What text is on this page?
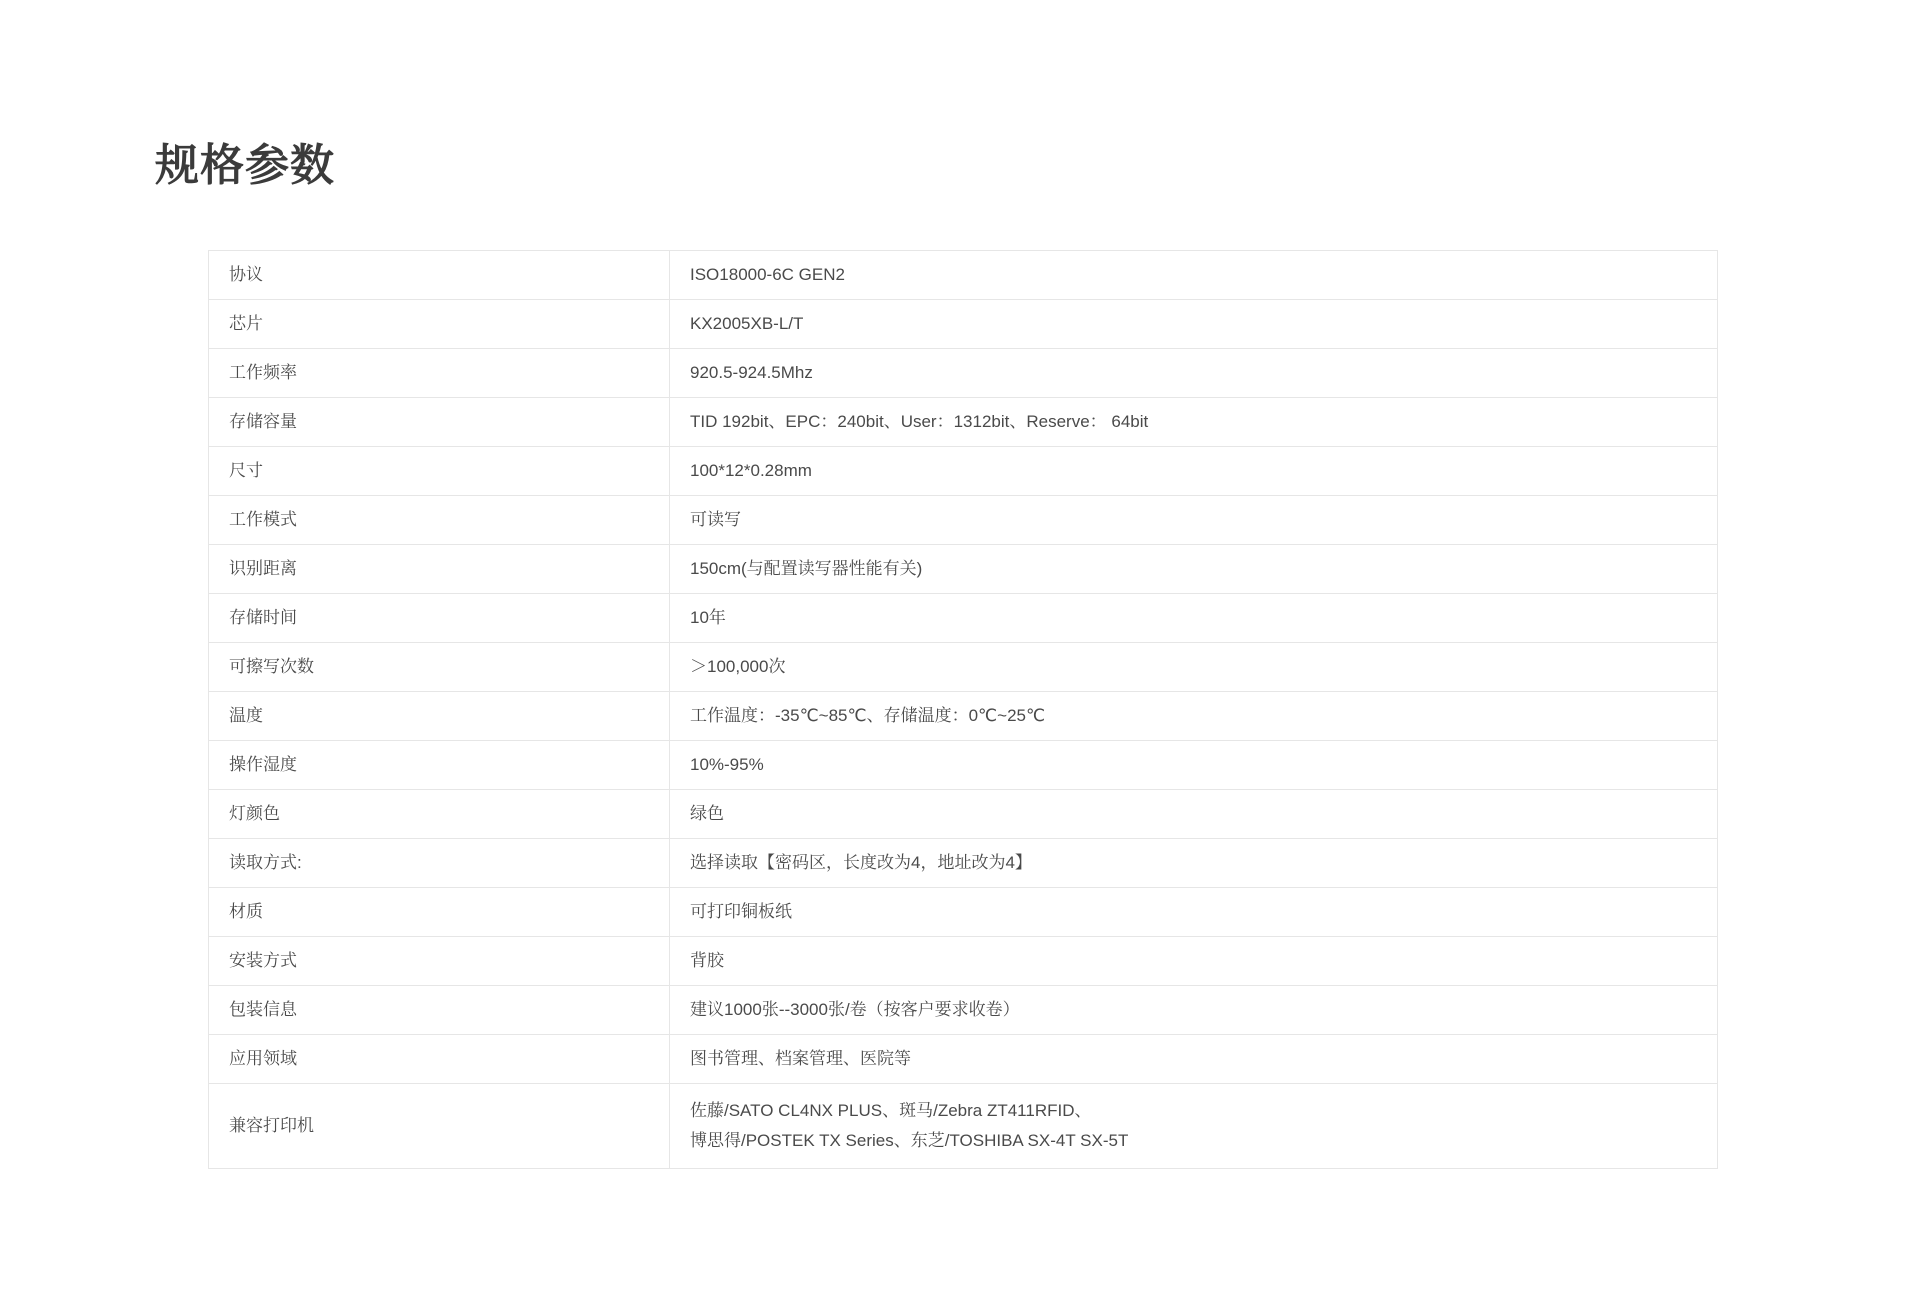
规格参数
协议	ISO18000-6C GEN2
芯片	KX2005XB-L/T
工作频率	920.5-924.5Mhz
存储容量	TID 192bit、EPC：240bit、User：1312bit、Reserve： 64bit
尺寸	100*12*0.28mm
工作模式	可读写
识别距离	150cm(与配置读写器性能有关)
存储时间	10年
可擦写次数	＞100,000次
温度	工作温度：-35℃~85℃、存储温度：0℃~25℃
操作湿度	10%-95%
灯颜色	绿色
读取方式:	选择读取【密码区，长度改为4，地址改为4】
材质	可打印铜板纸
安装方式	背胶
包装信息	建议1000张--3000张/卷（按客户要求收卷）
应用领域	图书管理、档案管理、医院等
兼容打印机	佐藤/SATO CL4NX PLUS、斑马/Zebra ZT411RFID、
博思得/POSTEK TX Series、东芝/TOSHIBA SX-4T SX-5T
